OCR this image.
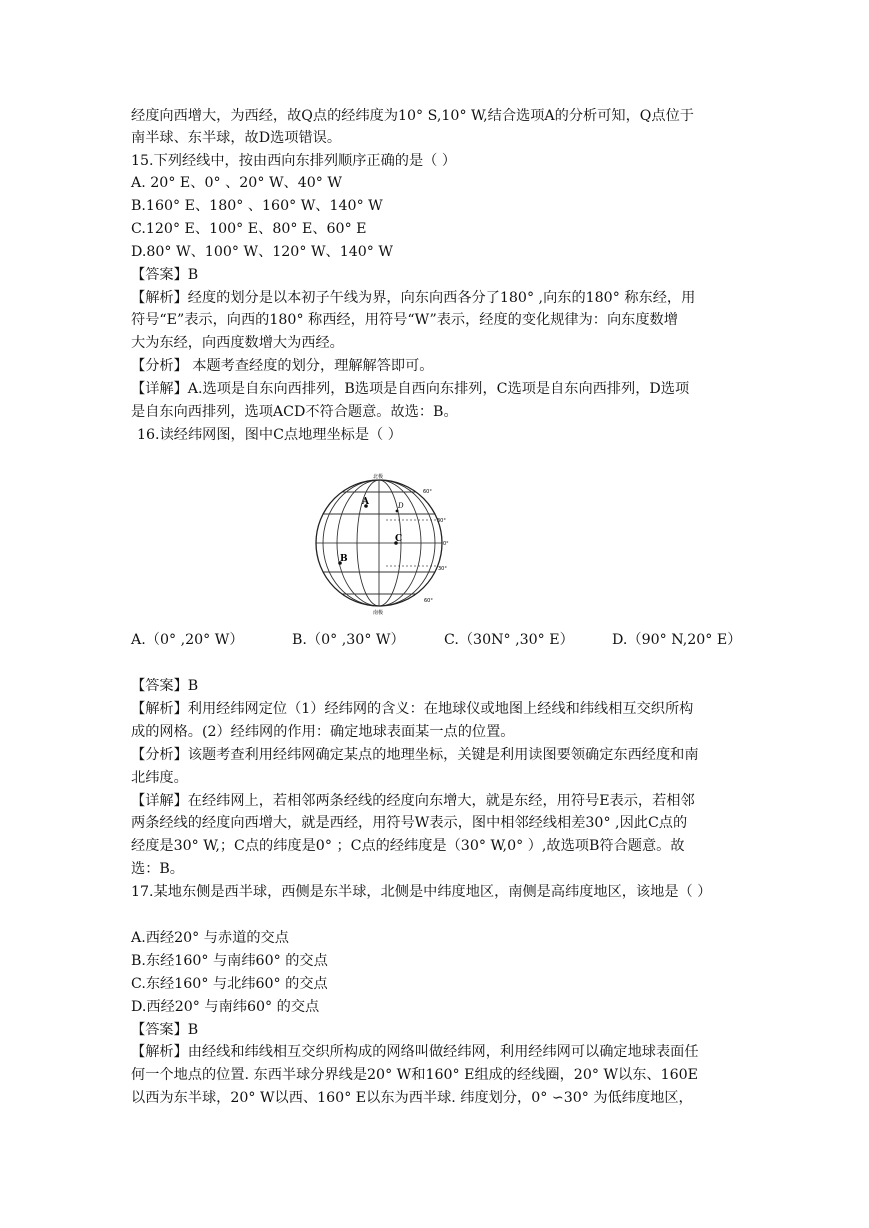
经度向西增大，为西经，故Q点的经纬度为10° S,10° W,结合选项A的分析可知，Q点位于
南半球、东半球，故D选项错误。
15.下列经线中，按由西向东排列顺序正确的是（ ）
A. 20° E、0° 、20° W、40° W
B.160° E、180° 、160° W、140° W
C.120° E、100° E、80° E、60° E
D.80° W、100° W、120° W、140° W
【答案】B
【解析】经度的划分是以本初子午线为界，向东向西各分了180° ,向东的180° 称东经，用
符号“E”表示，向西的180° 称西经，用符号“W”表示，经度的变化规律为：向东度数增
大为东经，向西度数增大为西经。
【分析】 本题考查经度的划分，理解解答即可。
【详解】A.选项是自东向西排列，B选项是自西向东排列，C选项是自东向西排列，D选项
是自东向西排列，选项ACD不符合题意。故选：B。
16.读经纬网图，图中C点地理坐标是（ ）
北极
南极
60°
30°
0°
30°
60°
A
B
C
D
A.（0° ,20° W）	B.（0° ,30° W）	C.（30N° ,30° E）	D.（90° N,20° E）
【答案】B
【解析】利用经纬网定位（1）经纬网的含义：在地球仪或地图上经线和纬线相互交织所构
成的网格。(2）经纬网的作用：确定地球表面某一点的位置。
【分析】该题考查利用经纬网确定某点的地理坐标，关键是利用读图要领确定东西经度和南
北纬度。
【详解】在经纬网上，若相邻两条经线的经度向东增大，就是东经，用符号E表示，若相邻
两条经线的经度向西增大，就是西经，用符号W表示，图中相邻经线相差30° ,因此C点的
经度是30° W,；C点的纬度是0° ；C点的经纬度是（30° W,0° ）,故选项B符合题意。故
选：B。
17.某地东侧是西半球，西侧是东半球，北侧是中纬度地区，南侧是高纬度地区，该地是（ ）
A.西经20° 与赤道的交点
B.东经160° 与南纬60° 的交点
C.东经160° 与北纬60° 的交点
D.西经20° 与南纬60° 的交点
【答案】B
【解析】由经线和纬线相互交织所构成的网络叫做经纬网，利用经纬网可以确定地球表面任
何一个地点的位置. 东西半球分界线是20° W和160° E组成的经线圈，20° W以东、160E
以西为东半球，20° W以西、160° E以东为西半球. 纬度划分，0° ∽30° 为低纬度地区，
